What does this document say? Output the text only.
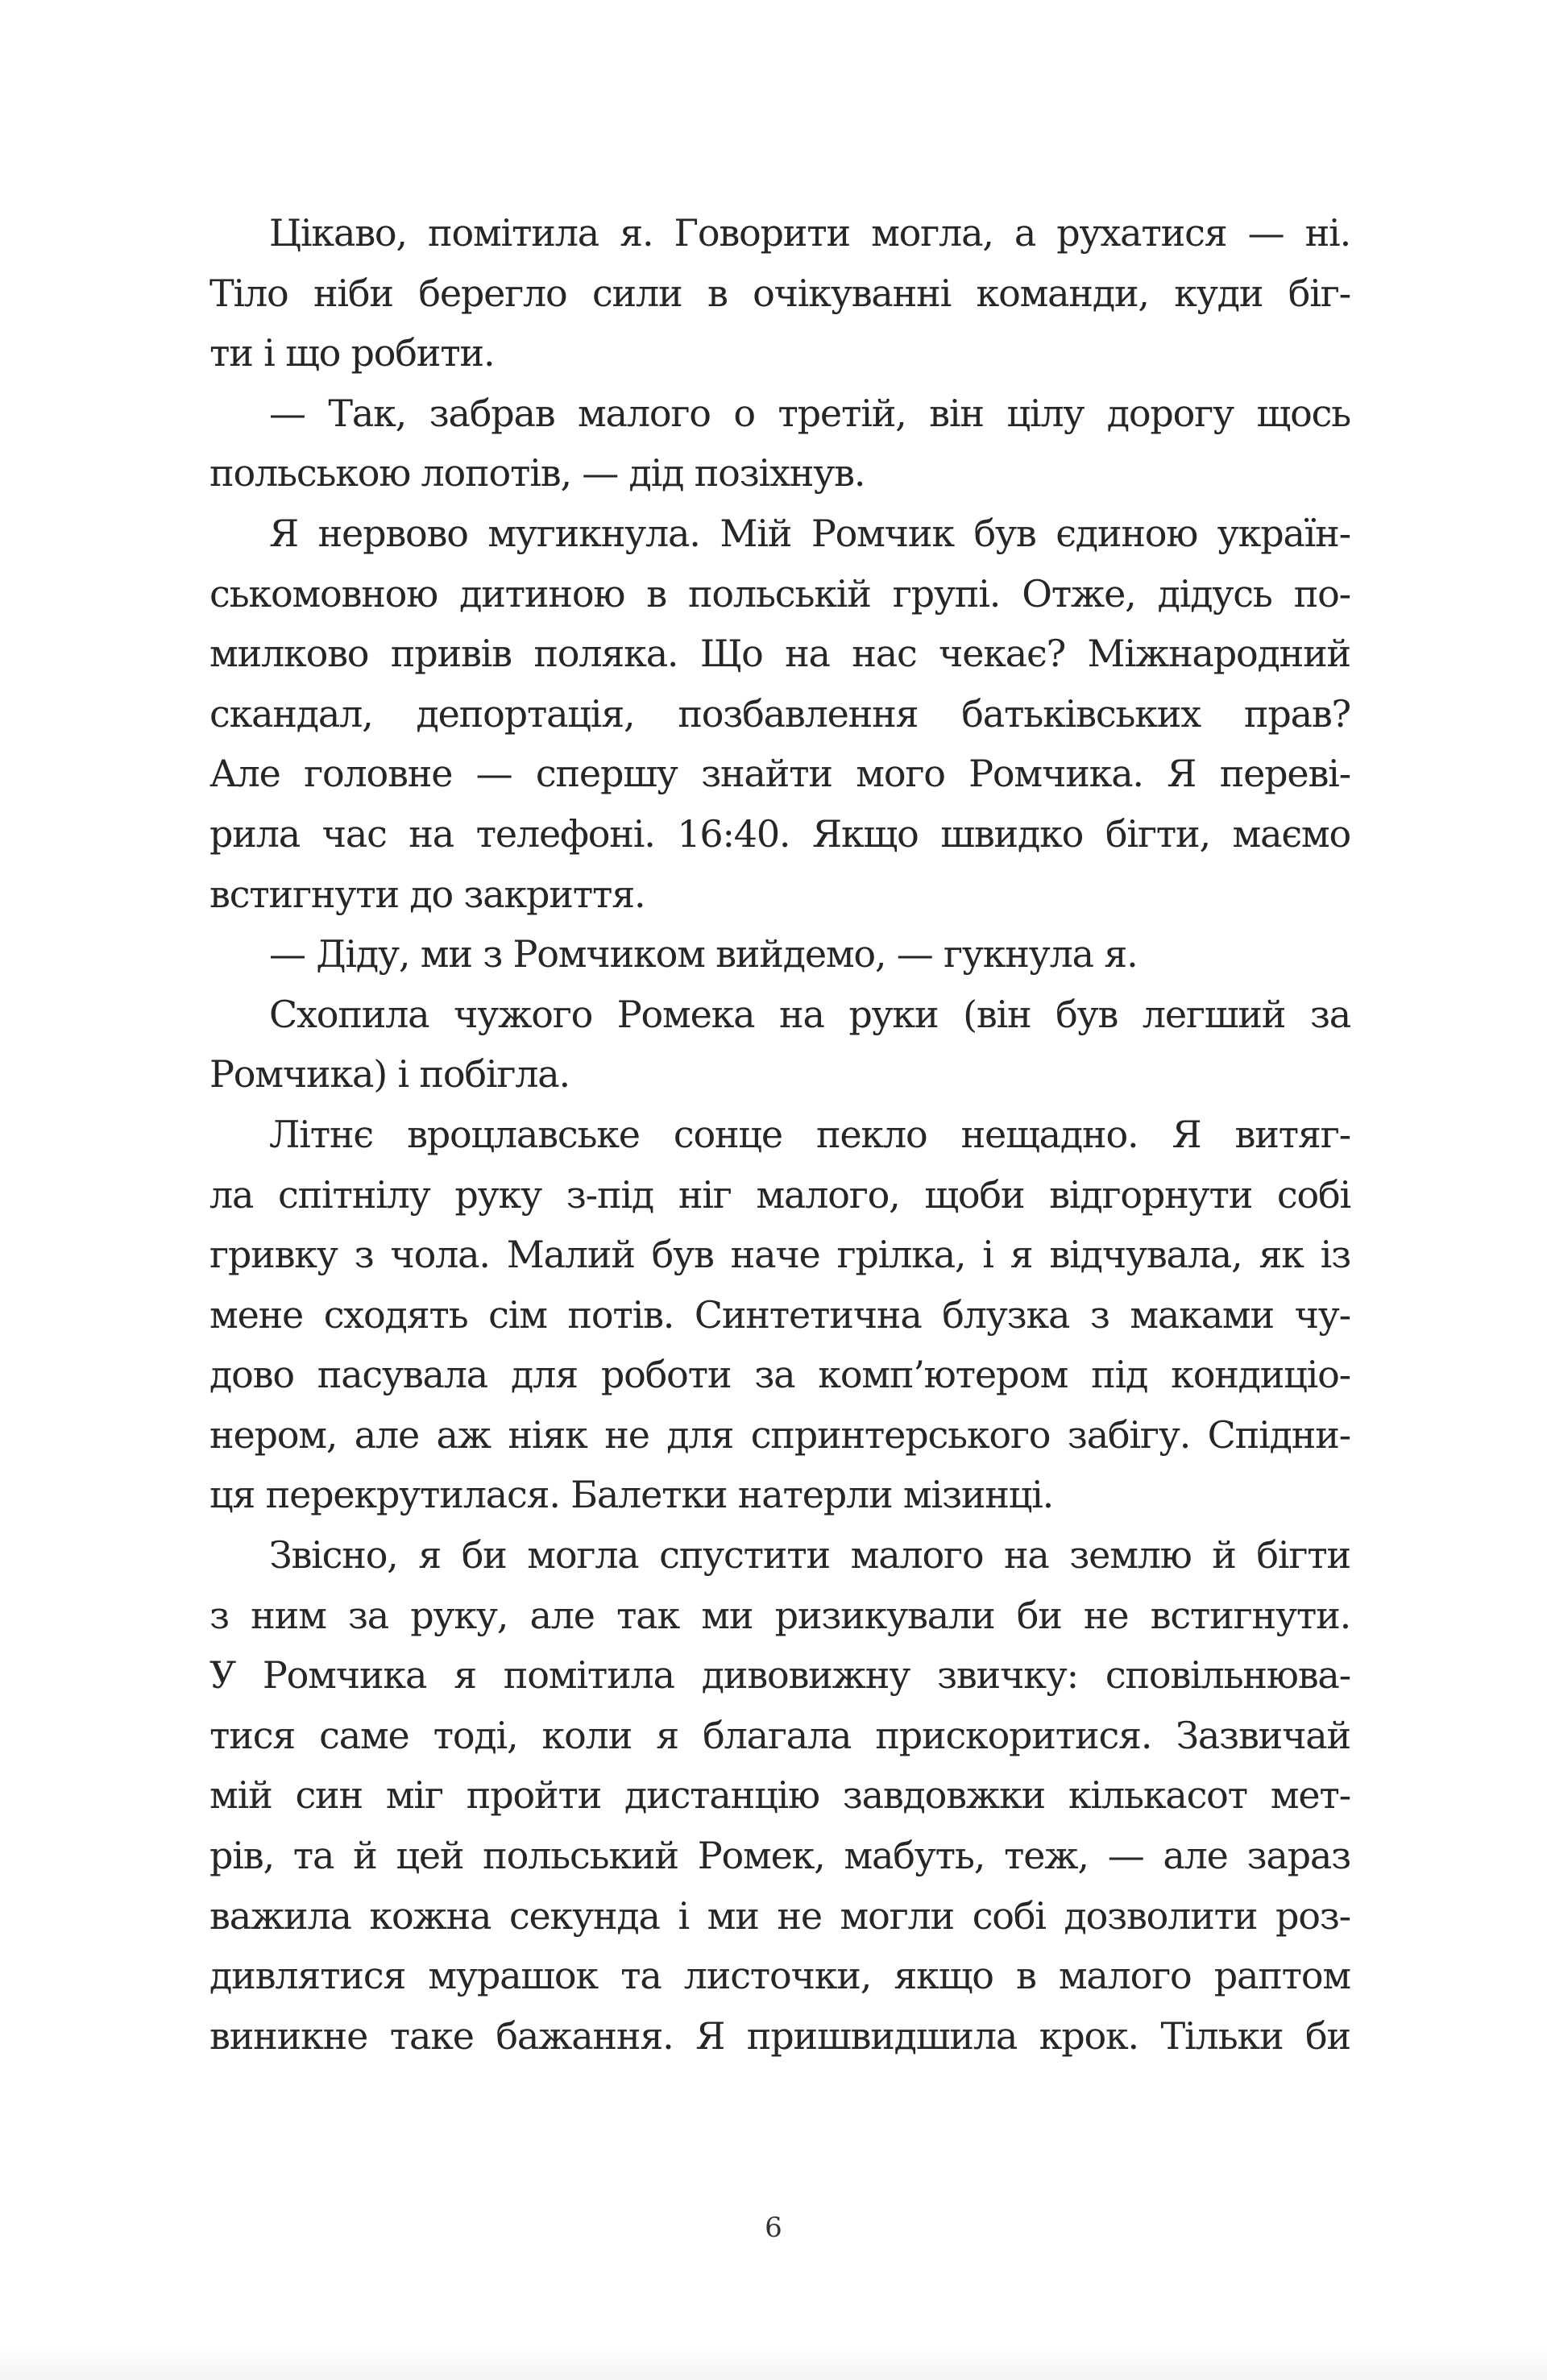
Цікаво, помітила я. Говорити могла, а рухатися — ні.
Тіло ніби берегло сили в очікуванні команди, куди біг-
ти і що робити.
— Так, забрав малого о третій, він цілу дорогу щось
польською лопотів, — дід позіхнув.
Я нервово мугикнула. Мій Ромчик був єдиною україн-
ськомовною дитиною в польській групі. Отже, дідусь по-
милково привів поляка. Що на нас чекає? Міжнародний
скандал, депортація, позбавлення батьківських прав?
Але головне — спершу знайти мого Ромчика. Я переві-
рила час на телефоні. 16:40. Якщо швидко бігти, маємо
встигнути до закриття.
— Діду, ми з Ромчиком вийдемо, — гукнула я.
Схопила чужого Ромека на руки (він був легший за
Ромчика) і побігла.
Літнє вроцлавське сонце пекло нещадно. Я витяг-
ла спітнілу руку з-під ніг малого, щоби відгорнути собі
гривку з чола. Малий був наче грілка, і я відчувала, як із
мене сходять сім потів. Синтетична блузка з маками чу-
дово пасувала для роботи за комп’ютером під кондиціо-
нером, але аж ніяк не для спринтерського забігу. Спідни-
ця перекрутилася. Балетки натерли мізинці.
Звісно, я би могла спустити малого на землю й бігти
з ним за руку, але так ми ризикували би не встигнути.
У Ромчика я помітила дивовижну звичку: сповільнюва-
тися саме тоді, коли я благала прискоритися. Зазвичай
мій син міг пройти дистанцію завдовжки кількасот мет-
рів, та й цей польський Ромек, мабуть, теж, — але зараз
важила кожна секунда і ми не могли собі дозволити роз-
дивлятися мурашок та листочки, якщо в малого раптом
виникне таке бажання. Я пришвидшила крок. Тільки би
6
